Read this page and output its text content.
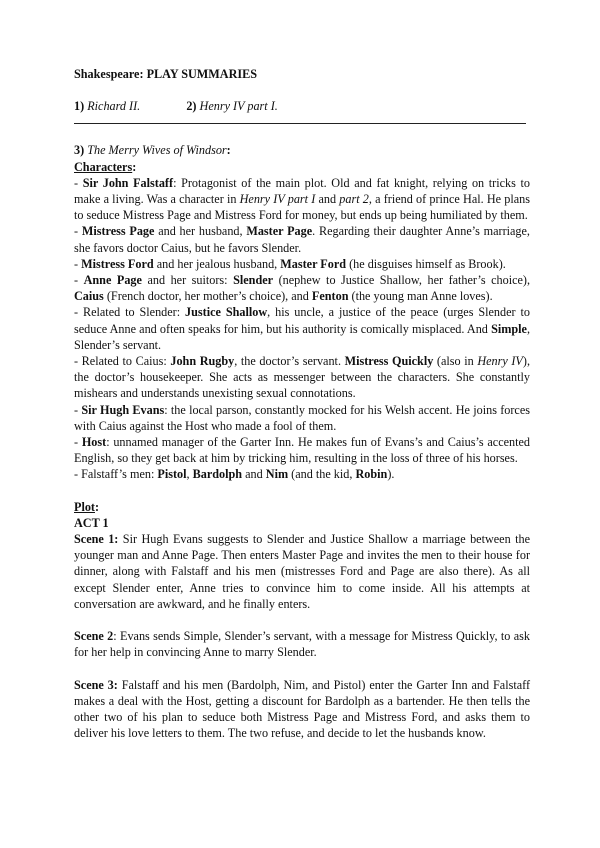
Shakespeare: PLAY SUMMARIES

1) Richard II.	2) Henry IV part I.

3) The Merry Wives of Windsor:

Characters:

- Sir John Falstaff: Protagonist of the main plot. Old and fat knight, relying on tricks to make a living. Was a character in Henry IV part I and part 2, a friend of prince Hal. He plans to seduce Mistress Page and Mistress Ford for money, but ends up being humiliated by them.

- Mistress Page and her husband, Master Page. Regarding their daughter Anne’s marriage, she favors doctor Caius, but he favors Slender.

- Mistress Ford and her jealous husband, Master Ford (he disguises himself as Brook).

- Anne Page and her suitors: Slender (nephew to Justice Shallow, her father’s choice), Caius (French doctor, her mother’s choice), and Fenton (the young man Anne loves).

- Related to Slender: Justice Shallow, his uncle, a justice of the peace (urges Slender to seduce Anne and often speaks for him, but his authority is comically misplaced. And Simple, Slender’s servant.

- Related to Caius: John Rugby, the doctor’s servant. Mistress Quickly (also in Henry IV), the doctor’s housekeeper. She acts as messenger between the characters. She constantly mishears and understands unexisting sexual connotations.

- Sir Hugh Evans: the local parson, constantly mocked for his Welsh accent. He joins forces with Caius against the Host who made a fool of them.

- Host: unnamed manager of the Garter Inn. He makes fun of Evans’s and Caius’s accented English, so they get back at him by tricking him, resulting in the loss of three of his horses.

- Falstaff’s men: Pistol, Bardolph and Nim (and the kid, Robin).

Plot:

ACT 1

Scene 1: Sir Hugh Evans suggests to Slender and Justice Shallow a marriage between the younger man and Anne Page. Then enters Master Page and invites the men to their house for dinner, along with Falstaff and his men (mistresses Ford and Page are also there). As all except Slender enter, Anne tries to convince him to come inside. All his attempts at conversation are awkward, and he finally enters.

Scene 2: Evans sends Simple, Slender’s servant, with a message for Mistress Quickly, to ask for her help in convincing Anne to marry Slender.

Scene 3: Falstaff and his men (Bardolph, Nim, and Pistol) enter the Garter Inn and Falstaff makes a deal with the Host, getting a discount for Bardolph as a bartender. He then tells the other two of his plan to seduce both Mistress Page and Mistress Ford, and asks them to deliver his love letters to them. The two refuse, and decide to let the husbands know.
